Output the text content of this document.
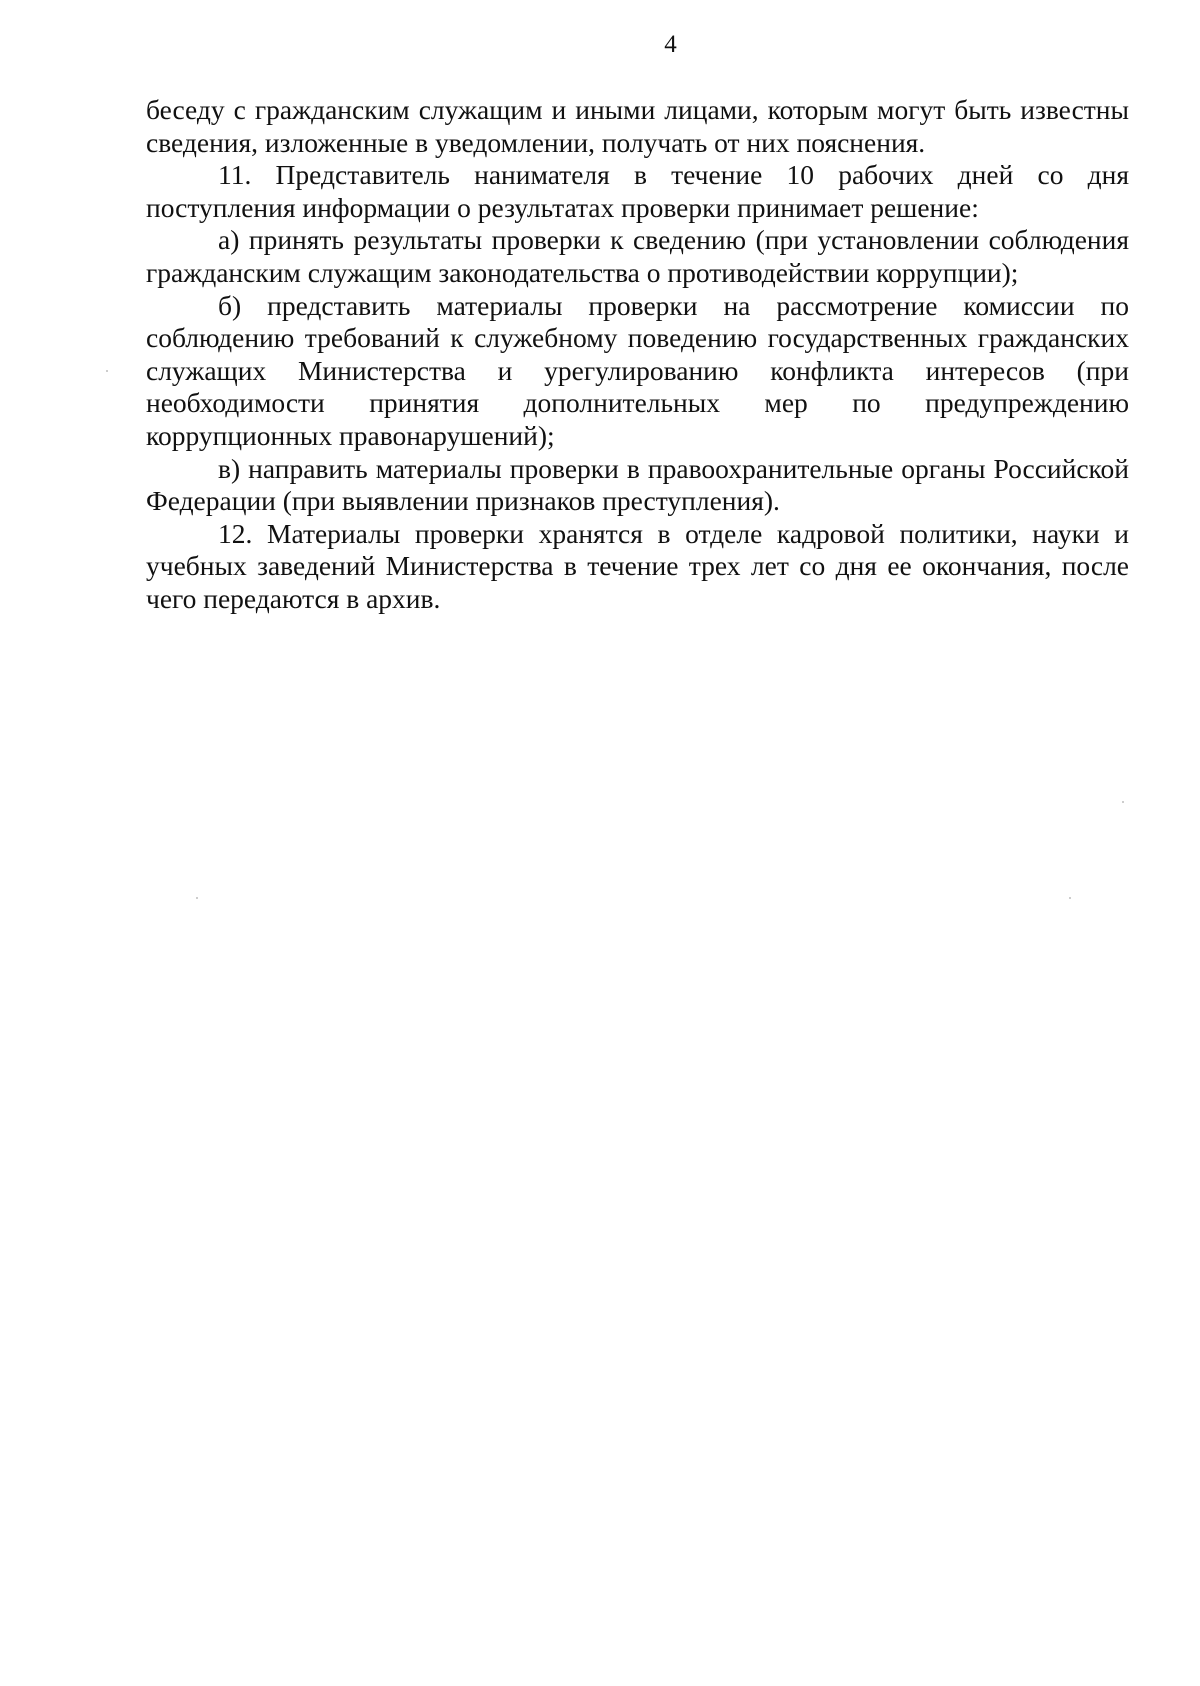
4

беседу с гражданским служащим и иными лицами, которым могут быть известны сведения, изложенные в уведомлении, получать от них пояснения.

11. Представитель нанимателя в течение 10 рабочих дней со дня поступления информации о результатах проверки принимает решение:

а) принять результаты проверки к сведению (при установлении соблюдения гражданским служащим законодательства о противодействии коррупции);

б) представить материалы проверки на рассмотрение комиссии по соблюдению требований к служебному поведению государственных гражданских служащих Министерства и урегулированию конфликта интересов (при необходимости принятия дополнительных мер по предупреждению коррупционных правонарушений);

в) направить материалы проверки в правоохранительные органы Российской Федерации (при выявлении признаков преступления).

12. Материалы проверки хранятся в отделе кадровой политики, науки и учебных заведений Министерства в течение трех лет со дня ее окончания, после чего передаются в архив.
